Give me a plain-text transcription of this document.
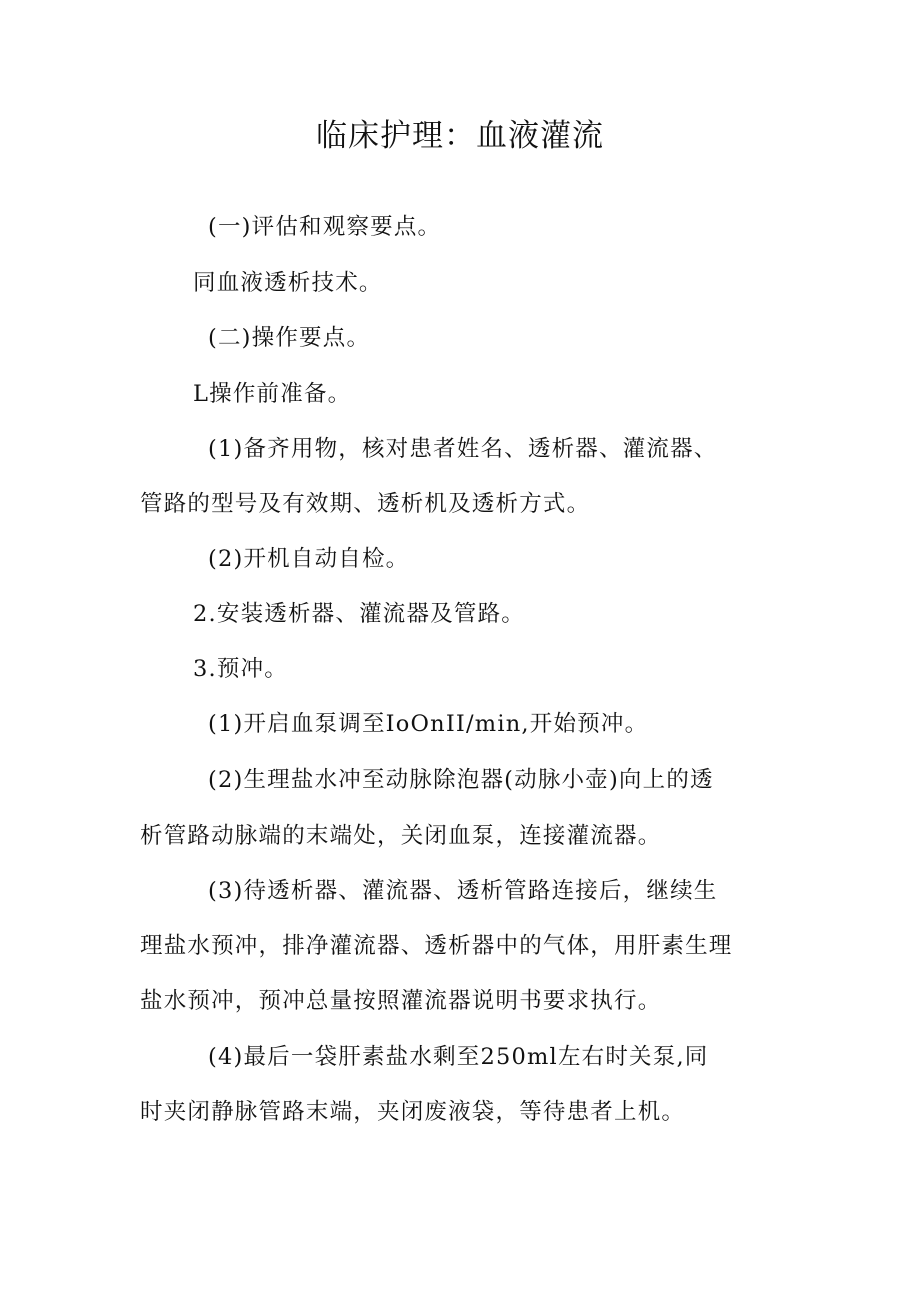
临床护理：血液灌流
(一)评估和观察要点。
同血液透析技术。
(二)操作要点。
L操作前准备。
(1)备齐用物，核对患者姓名、透析器、灌流器、
管路的型号及有效期、透析机及透析方式。
(2)开机自动自检。
2.安装透析器、灌流器及管路。
3.预冲。
(1)开启血泵调至IoOnII/min,开始预冲。
(2)生理盐水冲至动脉除泡器(动脉小壶)向上的透
析管路动脉端的末端处，关闭血泵，连接灌流器。
(3)待透析器、灌流器、透析管路连接后，继续生
理盐水预冲，排净灌流器、透析器中的气体，用肝素生理
盐水预冲，预冲总量按照灌流器说明书要求执行。
(4)最后一袋肝素盐水剩至250ml左右时关泵,同
时夹闭静脉管路末端，夹闭废液袋，等待患者上机。
